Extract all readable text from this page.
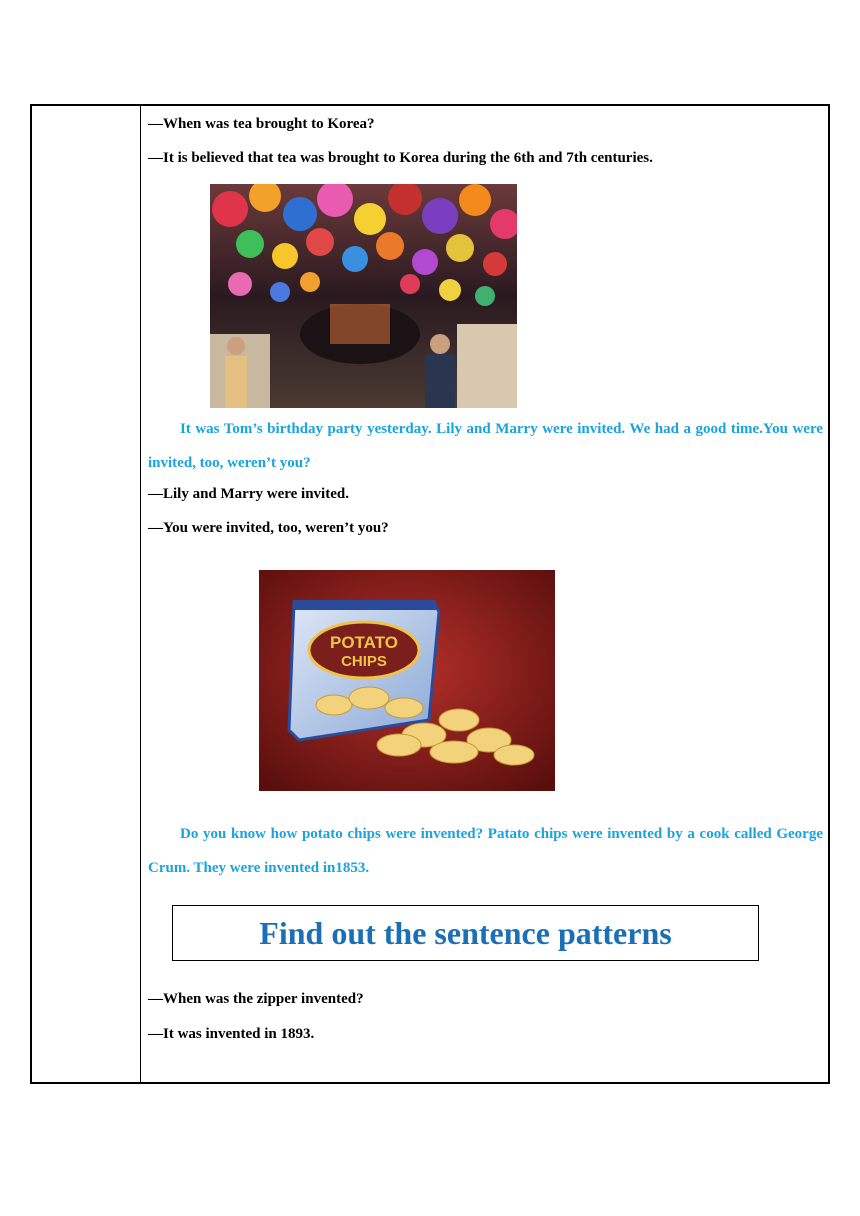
—When was tea brought to Korea?
—It is believed that tea was brought to Korea during the 6th and 7th centuries.
It was Tom’s birthday party yesterday. Lily and Marry were invited. We had a good time.You were invited, too, weren’t you?
—Lily and Marry were invited.
—You were invited, too, weren’t you?
POTATO
CHIPS
Do you know how potato chips were invented? Patato chips were invented by a cook called George Crum. They were invented in1853.
Find out the sentence patterns
—When was the zipper invented?
—It was invented in 1893.
